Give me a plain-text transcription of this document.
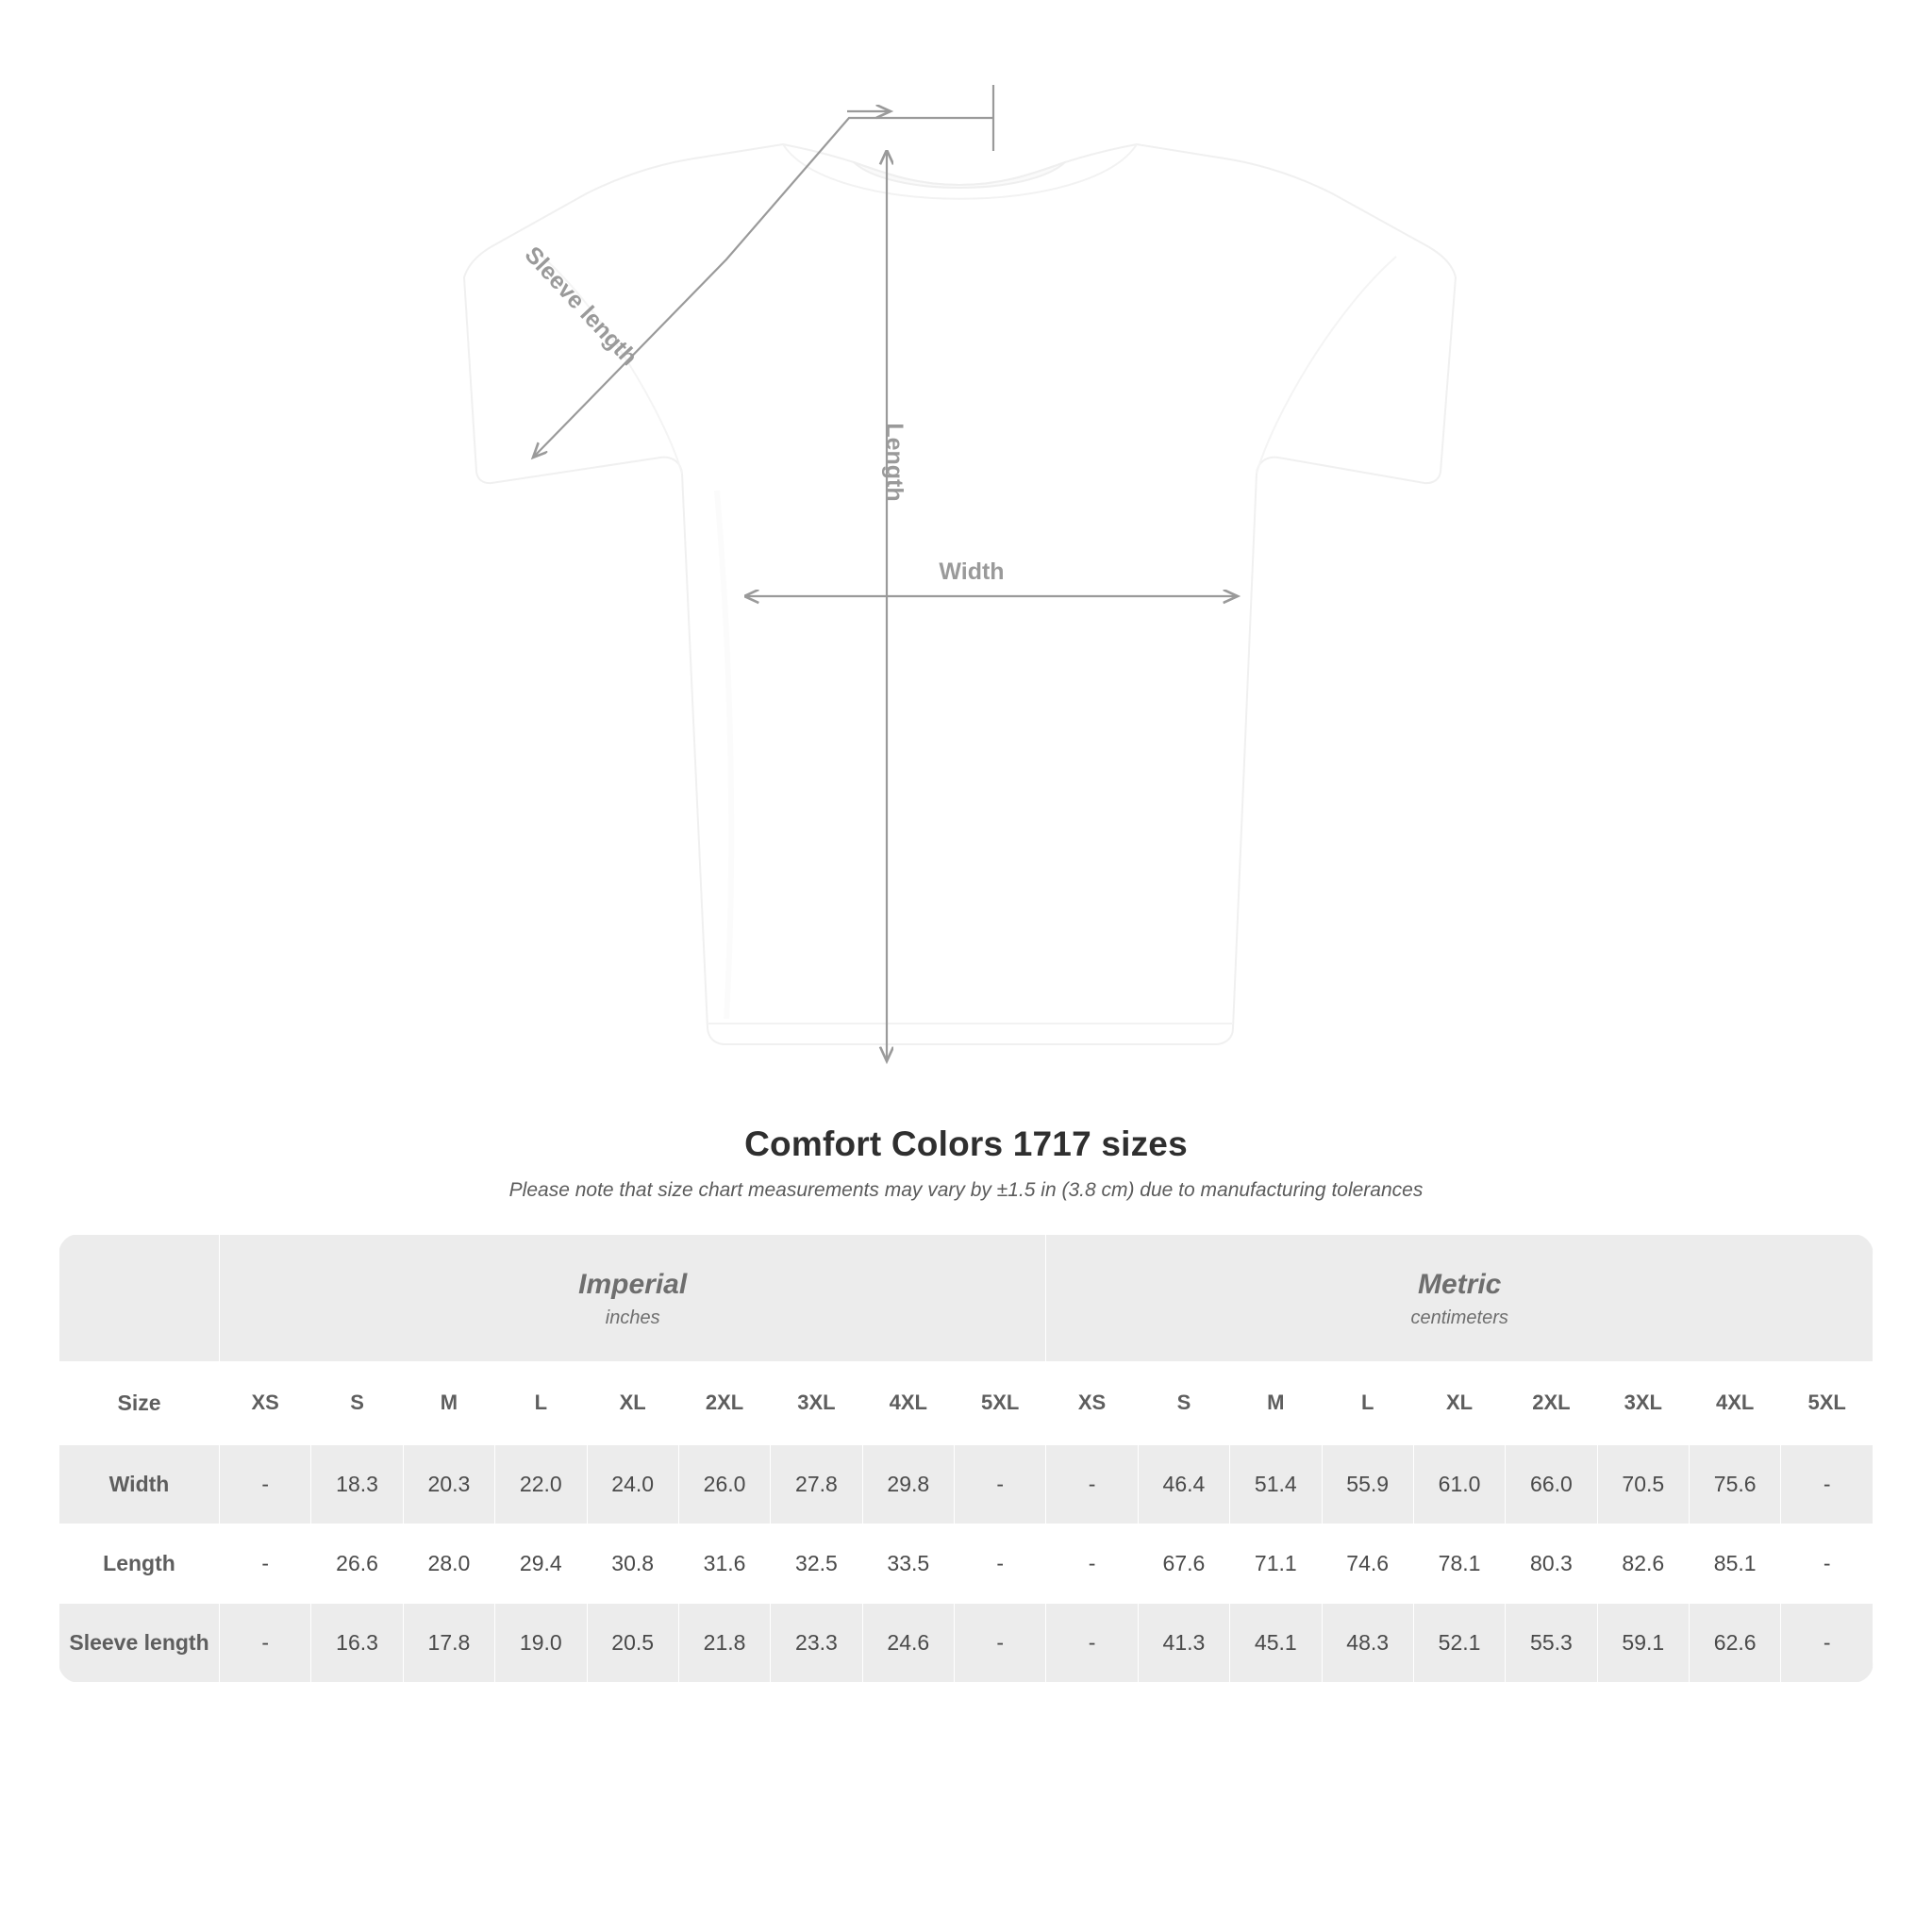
Length
Width
Sleeve length
Comfort Colors 1717 sizes

Please note that size chart measurements may vary by ±1.5 in (3.8 cm) due to manufacturing tolerances

Imperial
inches

Metric
centimeters

Size	XS	S	M	L	XL	2XL	3XL	4XL	5XL	XS	S	M	L	XL	2XL	3XL	4XL	5XL
Width	-	18.3	20.3	22.0	24.0	26.0	27.8	29.8	-	-	46.4	51.4	55.9	61.0	66.0	70.5	75.6	-
Length	-	26.6	28.0	29.4	30.8	31.6	32.5	33.5	-	-	67.6	71.1	74.6	78.1	80.3	82.6	85.1	-
Sleeve length	-	16.3	17.8	19.0	20.5	21.8	23.3	24.6	-	-	41.3	45.1	48.3	52.1	55.3	59.1	62.6	-
